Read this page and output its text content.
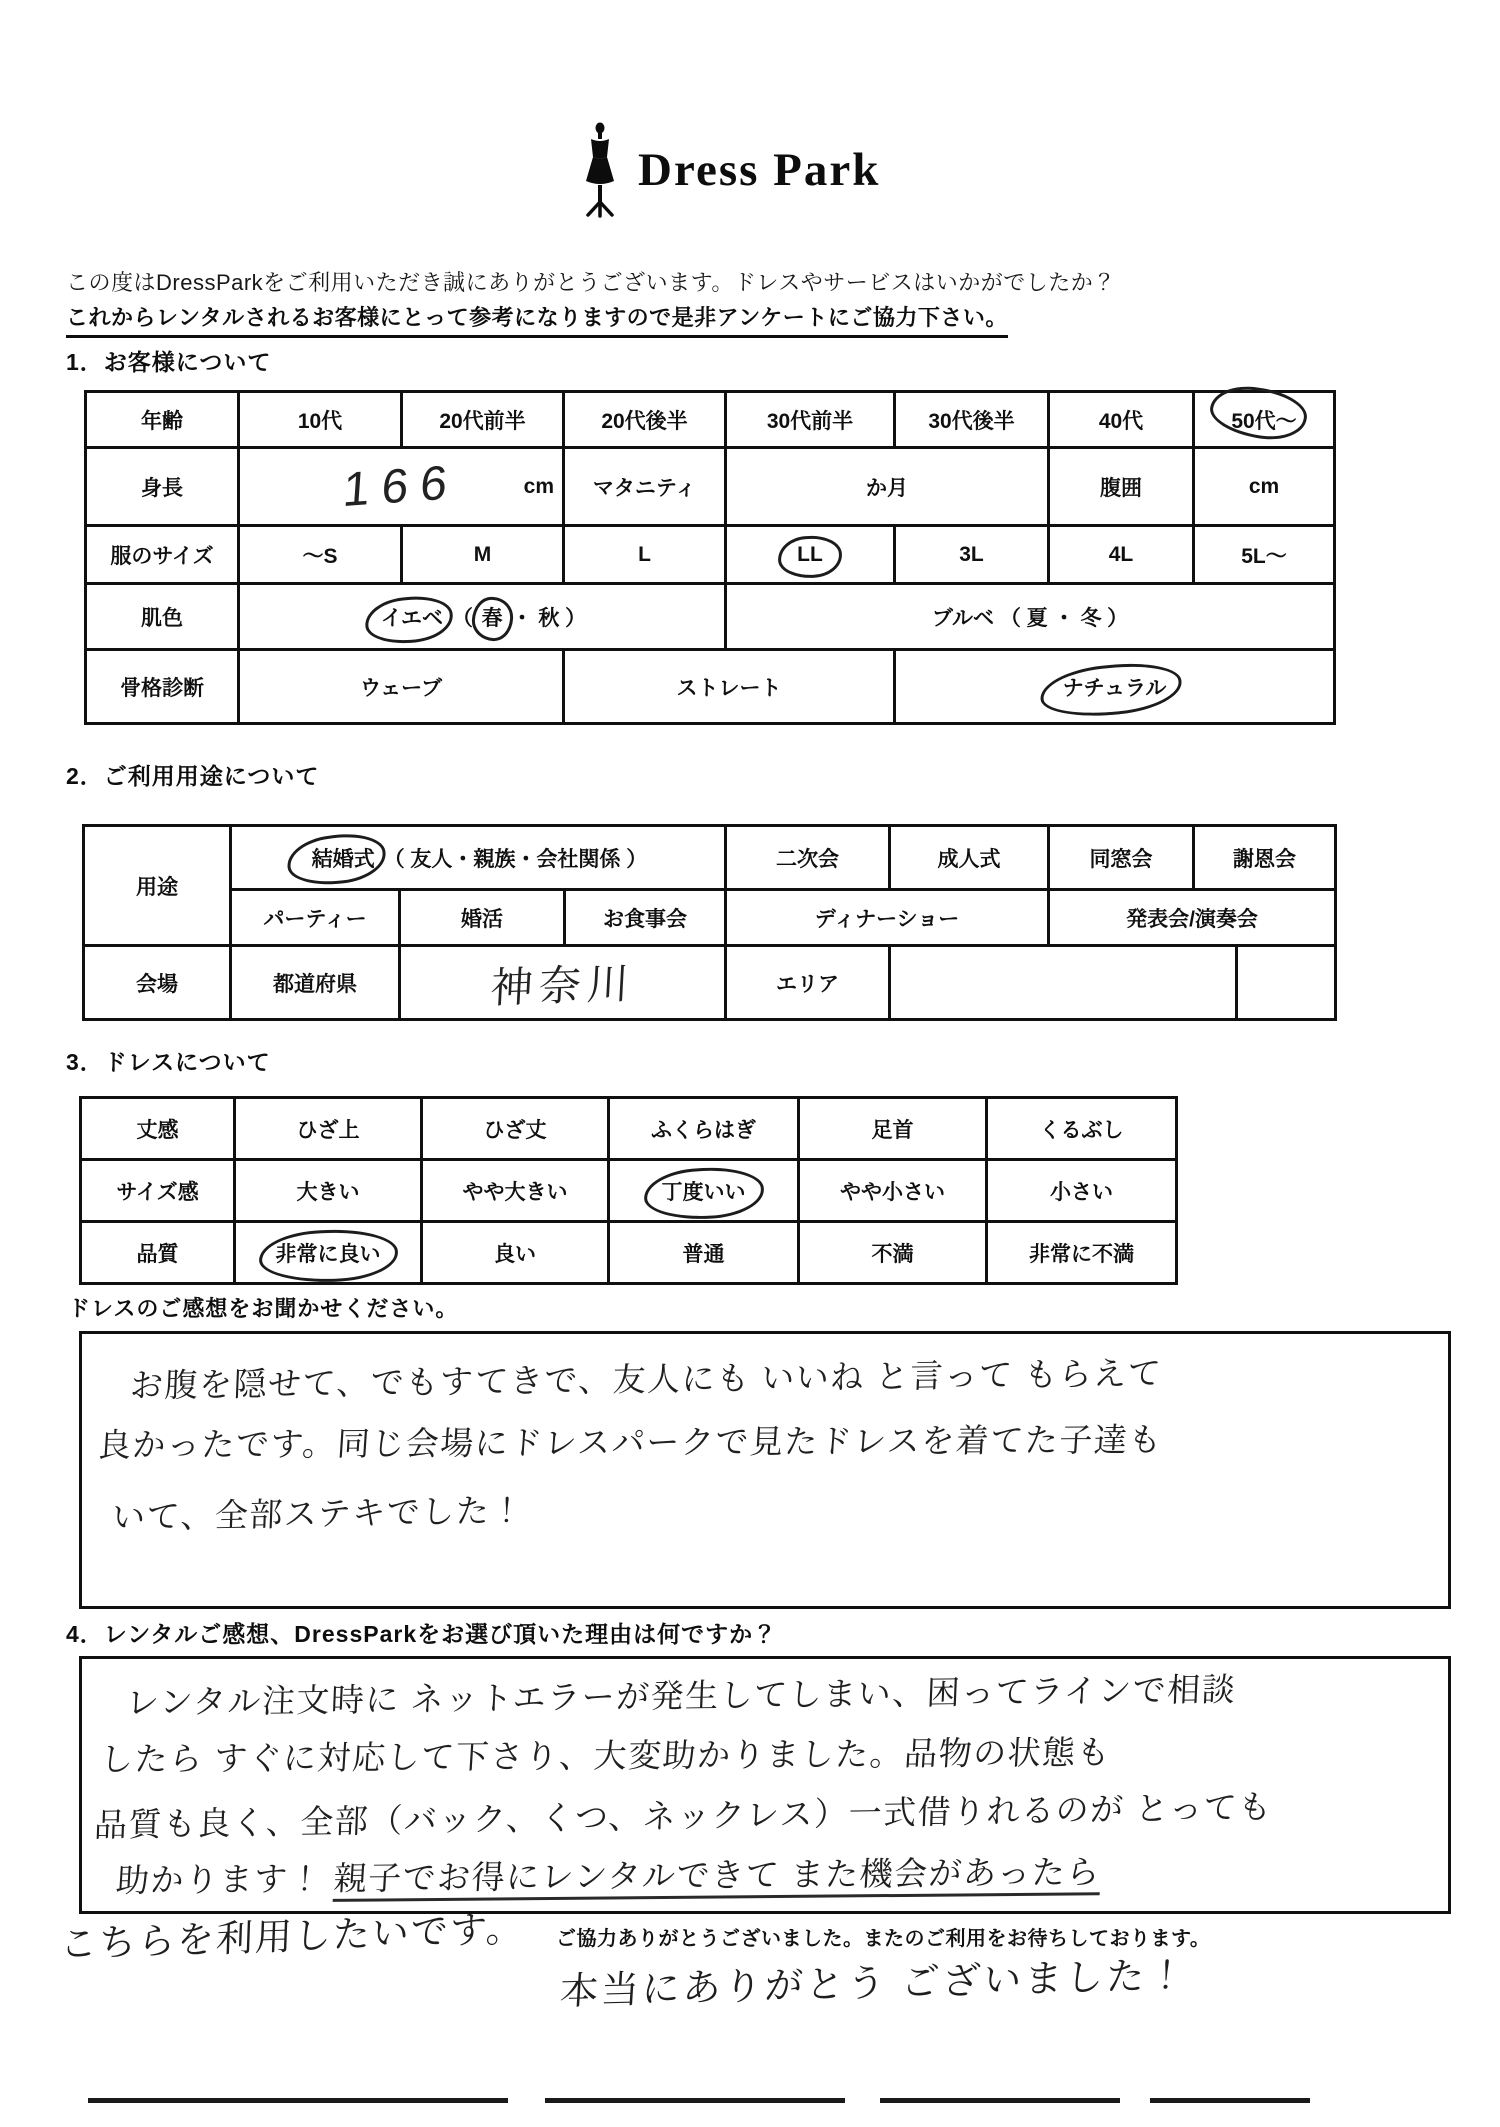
Dress Park
この度はDressParkをご利用いただき誠にありがとうございます。ドレスやサービスはいかがでしたか？
これからレンタルされるお客様にとって参考になりますので是非アンケートにご協力下さい。
1．お客様について
年齢	10代	20代前半	20代後半	30代前半	30代後半	40代	50代～
身長	166 cm		マタニティ	か月		腹囲	cm
服のサイズ	～S	M	L	LL	3L	4L	5L～
肌色	イエベ （ 春 ・ 秋 ）			ブルベ （ 夏 ・ 冬 ）			
骨格診断	ウェーブ		ストレート		ナチュラル		
2．ご利用用途について
用途	結婚式 （ 友人・親族・会社関係 ）			二次会	成人式	同窓会	謝恩会	
	パーティー	婚活	お食事会	ディナーショー		発表会/演奏会		
会場	都道府県	神奈川		エリア				
3．ドレスについて
丈感	ひざ上	ひざ丈	ふくらはぎ	足首	くるぶし
サイズ感	大きい	やや大きい	丁度いい	やや小さい	小さい
品質	非常に良い	良い	普通	不満	非常に不満
ドレスのご感想をお聞かせください。
お腹を隠せて、でもすてきで、友人にも いいね と言って もらえて
良かったです。同じ会場にドレスパークで見たドレスを着てた子達も
いて、全部ステキでした！
4．レンタルご感想、DressParkをお選び頂いた理由は何ですか？
レンタル注文時に ネットエラーが発生してしまい、困ってラインで相談
したら すぐに対応して下さり、大変助かりました。品物の状態も
品質も良く、全部（バック、くつ、ネックレス）一式借りれるのが とっても
助かります！ 親子でお得にレンタルできて また機会があったら
こちらを利用したいです。 ご協力ありがとうございました。またのご利用をお待ちしております。
本当にありがとう ございました！
